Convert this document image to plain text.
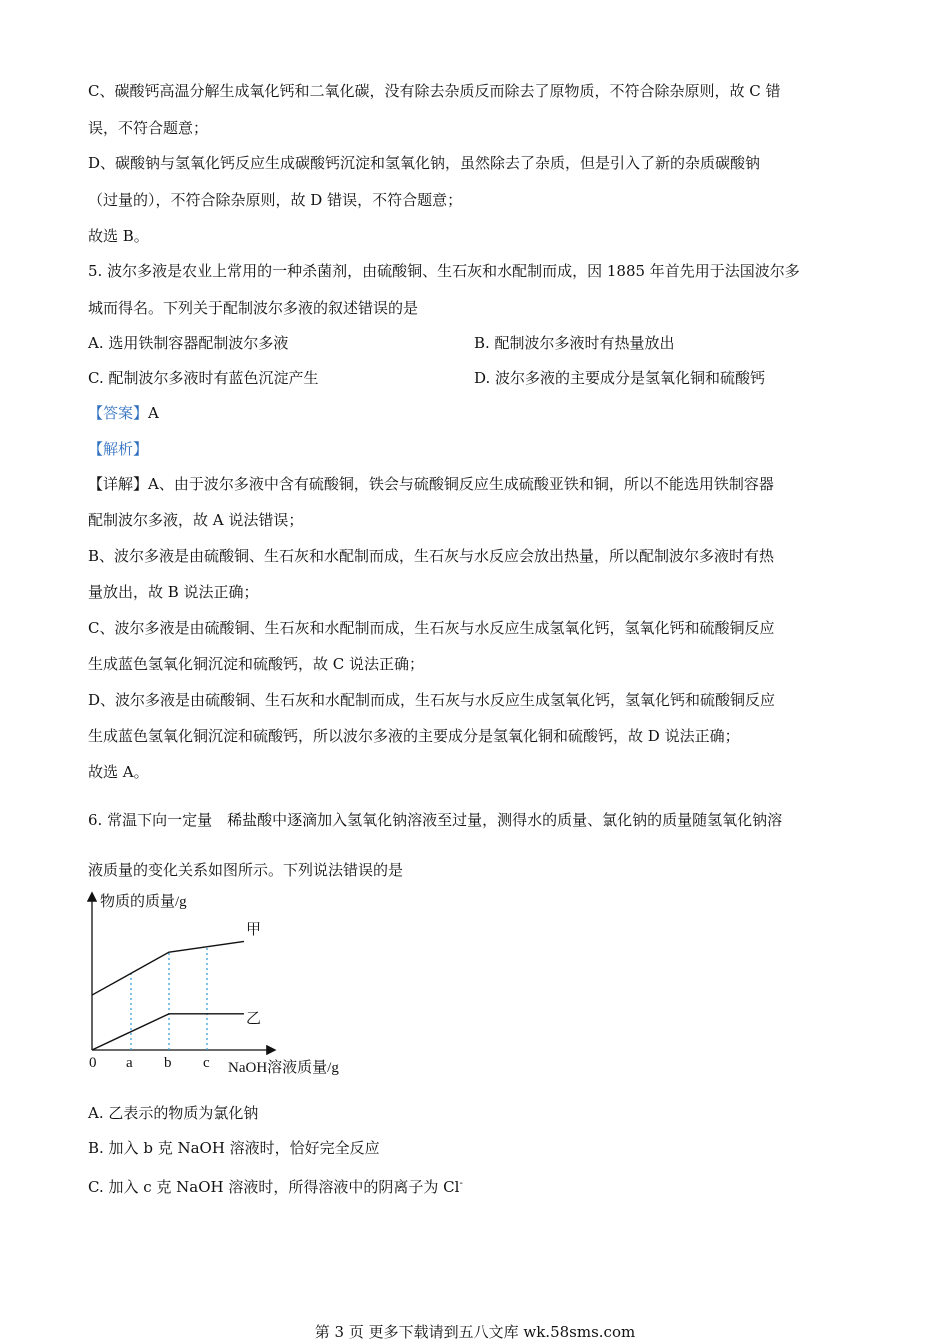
C、碳酸钙高温分解生成氧化钙和二氧化碳，没有除去杂质反而除去了原物质，不符合除杂原则，故 C 错
误，不符合题意；
D、碳酸钠与氢氧化钙反应生成碳酸钙沉淀和氢氧化钠，虽然除去了杂质，但是引入了新的杂质碳酸钠
（过量的），不符合除杂原则，故 D 错误，不符合题意；
故选 B。
5. 波尔多液是农业上常用的一种杀菌剂，由硫酸铜、生石灰和水配制而成，因 1885 年首先用于法国波尔多
城而得名。下列关于配制波尔多液的叙述错误的是
A. 选用铁制容器配制波尔多液	B. 配制波尔多液时有热量放出
C. 配制波尔多液时有蓝色沉淀产生	D. 波尔多液的主要成分是氢氧化铜和硫酸钙
【答案】A
【解析】
【详解】A、由于波尔多液中含有硫酸铜，铁会与硫酸铜反应生成硫酸亚铁和铜，所以不能选用铁制容器
配制波尔多液，故 A 说法错误；
B、波尔多液是由硫酸铜、生石灰和水配制而成，生石灰与水反应会放出热量，所以配制波尔多液时有热
量放出，故 B 说法正确；
C、波尔多液是由硫酸铜、生石灰和水配制而成，生石灰与水反应生成氢氧化钙，氢氧化钙和硫酸铜反应
生成蓝色氢氧化铜沉淀和硫酸钙，故 C 说法正确；
D、波尔多液是由硫酸铜、生石灰和水配制而成，生石灰与水反应生成氢氧化钙，氢氧化钙和硫酸铜反应
生成蓝色氢氧化铜沉淀和硫酸钙，所以波尔多液的主要成分是氢氧化铜和硫酸钙，故 D 说法正确；
故选 A。
6. 常温下向一定量　稀盐酸中逐滴加入氢氧化钠溶液至过量，测得水的质量、氯化钠的质量随氢氧化钠溶
液质量的变化关系如图所示。下列说法错误的是
物质的质量/g
NaOH溶液质量/g
0 a b c
甲
乙
A. 乙表示的物质为氯化钠
B. 加入 b 克 NaOH 溶液时，恰好完全反应
C. 加入 c 克 NaOH 溶液时，所得溶液中的阴离子为 Cl-
第 3 页 更多下载请到五八文库 wk.58sms.com
